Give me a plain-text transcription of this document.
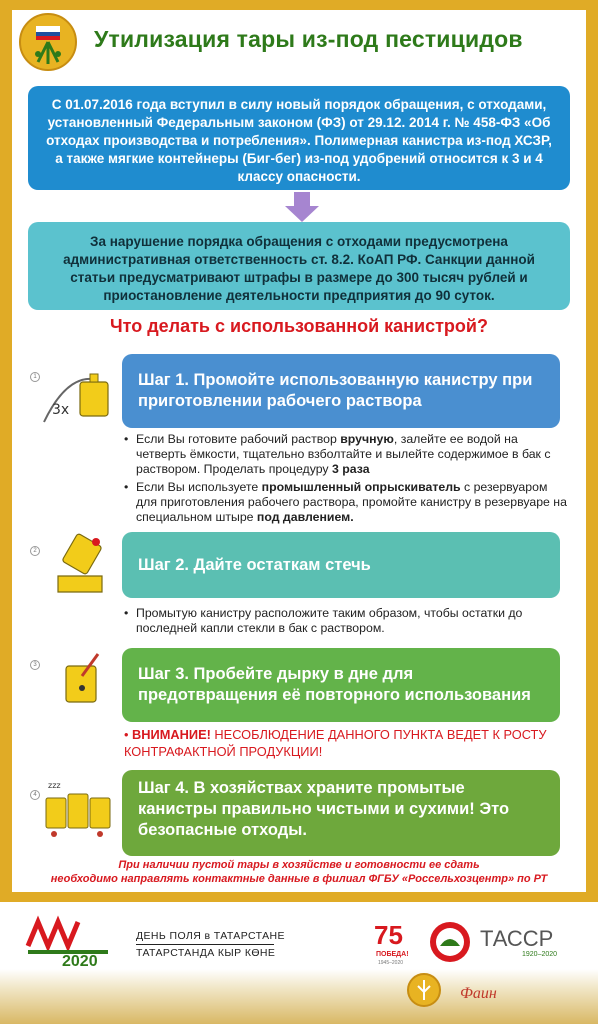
Утилизация тары из-под пестицидов
С 01.07.2016 года вступил в силу новый порядок обращения, с отходами, установленный Федеральным законом (ФЗ) от 29.12. 2014 г. № 458-ФЗ «Об отходах производства и потребления». Полимерная канистра из-под ХСЗР, а также мягкие контейнеры (Биг-бег) из-под удобрений относится к 3 и 4 классу опасности.
За нарушение порядка обращения с отходами предусмотрена административная ответственность ст. 8.2. КоАП РФ. Санкции данной статьи предусматривают штрафы в размере до 300 тысяч рублей и приостановление деятельности предприятия до 90 суток.
Что делать с использованной канистрой?
1
3x
Шаг 1. Промойте использованную канистру при приготовлении рабочего раствора
• Если Вы готовите рабочий раствор вручную, залейте ее водой на четверть ёмкости, тщательно взболтайте и вылейте содержимое в бак с раствором. Проделать процедуру 3 раза
• Если Вы используете промышленный опрыскиватель с резервуаром для приготовления рабочего раствора, промойте канистру в резервуаре на специальном штыре под давлением.
2
Шаг 2. Дайте остаткам стечь
• Промытую канистру расположите таким образом, чтобы остатки до последней капли стекли в бак с раствором.
3	Шаг 3. Пробейте дырку в дне для предотвращения её повторного использования
• ВНИМАНИЕ! НЕСОБЛЮДЕНИЕ ДАННОГО ПУНКТА ВЕДЕТ К РОСТУ КОНТРАФАКТНОЙ ПРОДУКЦИИ!
4
zzz	Шаг 4. В хозяйствах храните промытые канистры правильно чистыми и сухими! Это безопасные отходы.
При наличии пустой тары в хозяйстве и готовности ее сдать
необходимо направлять контактные данные в филиал ФГБУ «Россельхозцентр» по РТ
2020
ДЕНЬ ПОЛЯ в ТАТАРСТАНЕ
ТАТАРСТАНДА КЫР КӨНЕ
75
ПОБЕДА!
1945–2020
ТАССР
1920–2020
Фаин
